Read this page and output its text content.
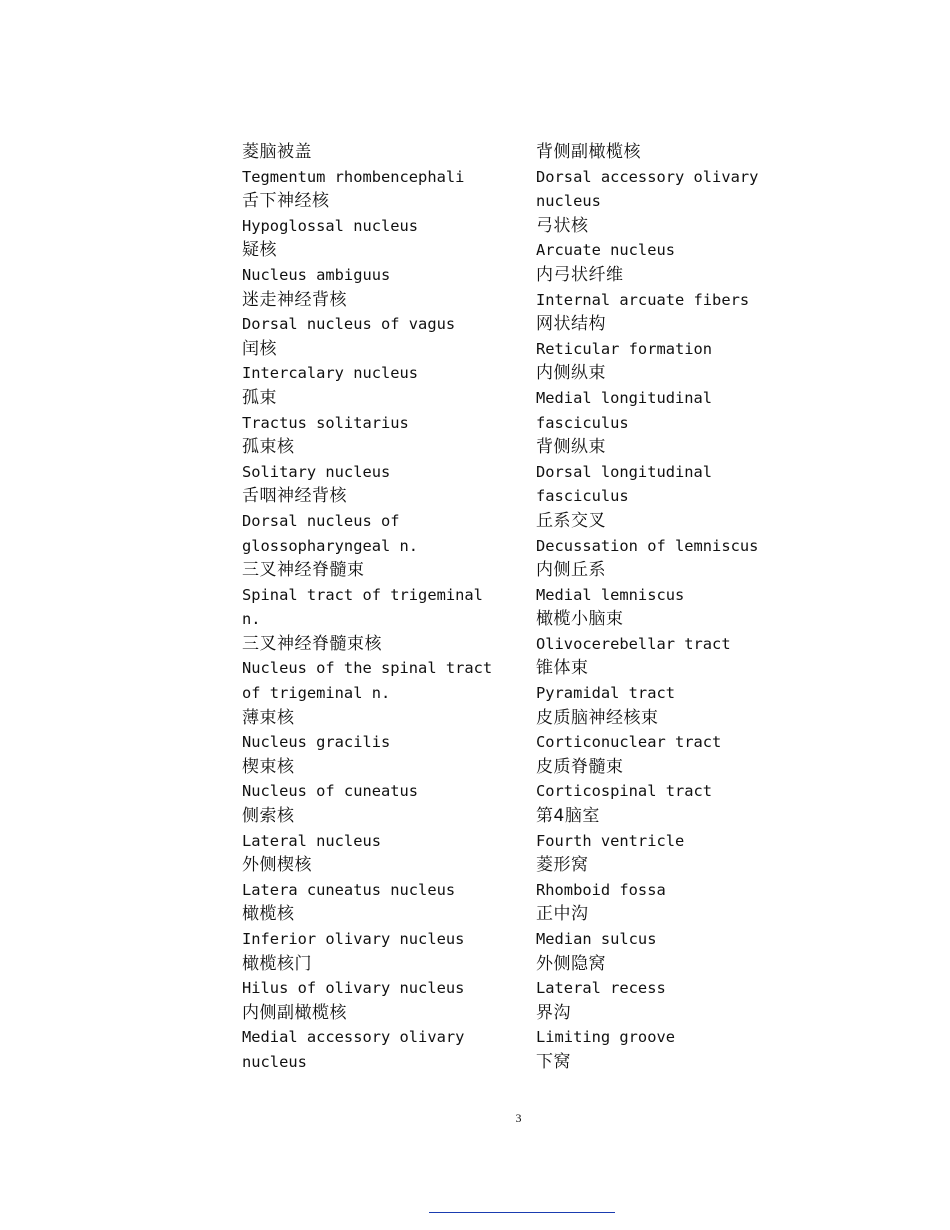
菱脑被盖
Tegmentum rhombencephali
舌下神经核
Hypoglossal nucleus
疑核
Nucleus ambiguus
迷走神经背核
Dorsal nucleus of vagus
闰核
Intercalary nucleus
孤束
Tractus solitarius
孤束核
Solitary nucleus
舌咽神经背核
Dorsal nucleus of
glossopharyngeal n.
三叉神经脊髓束
Spinal tract of trigeminal
n.
三叉神经脊髓束核
Nucleus of the spinal tract
of trigeminal n.
薄束核
Nucleus gracilis
楔束核
Nucleus of cuneatus
侧索核
Lateral nucleus
外侧楔核
Latera cuneatus nucleus
橄榄核
Inferior olivary nucleus
橄榄核门
Hilus of olivary nucleus
内侧副橄榄核
Medial accessory olivary
nucleus
背侧副橄榄核
Dorsal accessory olivary
nucleus
弓状核
Arcuate nucleus
内弓状纤维
Internal arcuate fibers
网状结构
Reticular formation
内侧纵束
Medial longitudinal
fasciculus
背侧纵束
Dorsal longitudinal
fasciculus
丘系交叉
Decussation of lemniscus
内侧丘系
Medial lemniscus
橄榄小脑束
Olivocerebellar tract
锥体束
Pyramidal tract
皮质脑神经核束
Corticonuclear tract
皮质脊髓束
Corticospinal tract
第4脑室
Fourth ventricle
菱形窝
Rhomboid fossa
正中沟
Median sulcus
外侧隐窝
Lateral recess
界沟
Limiting groove
下窝
3
